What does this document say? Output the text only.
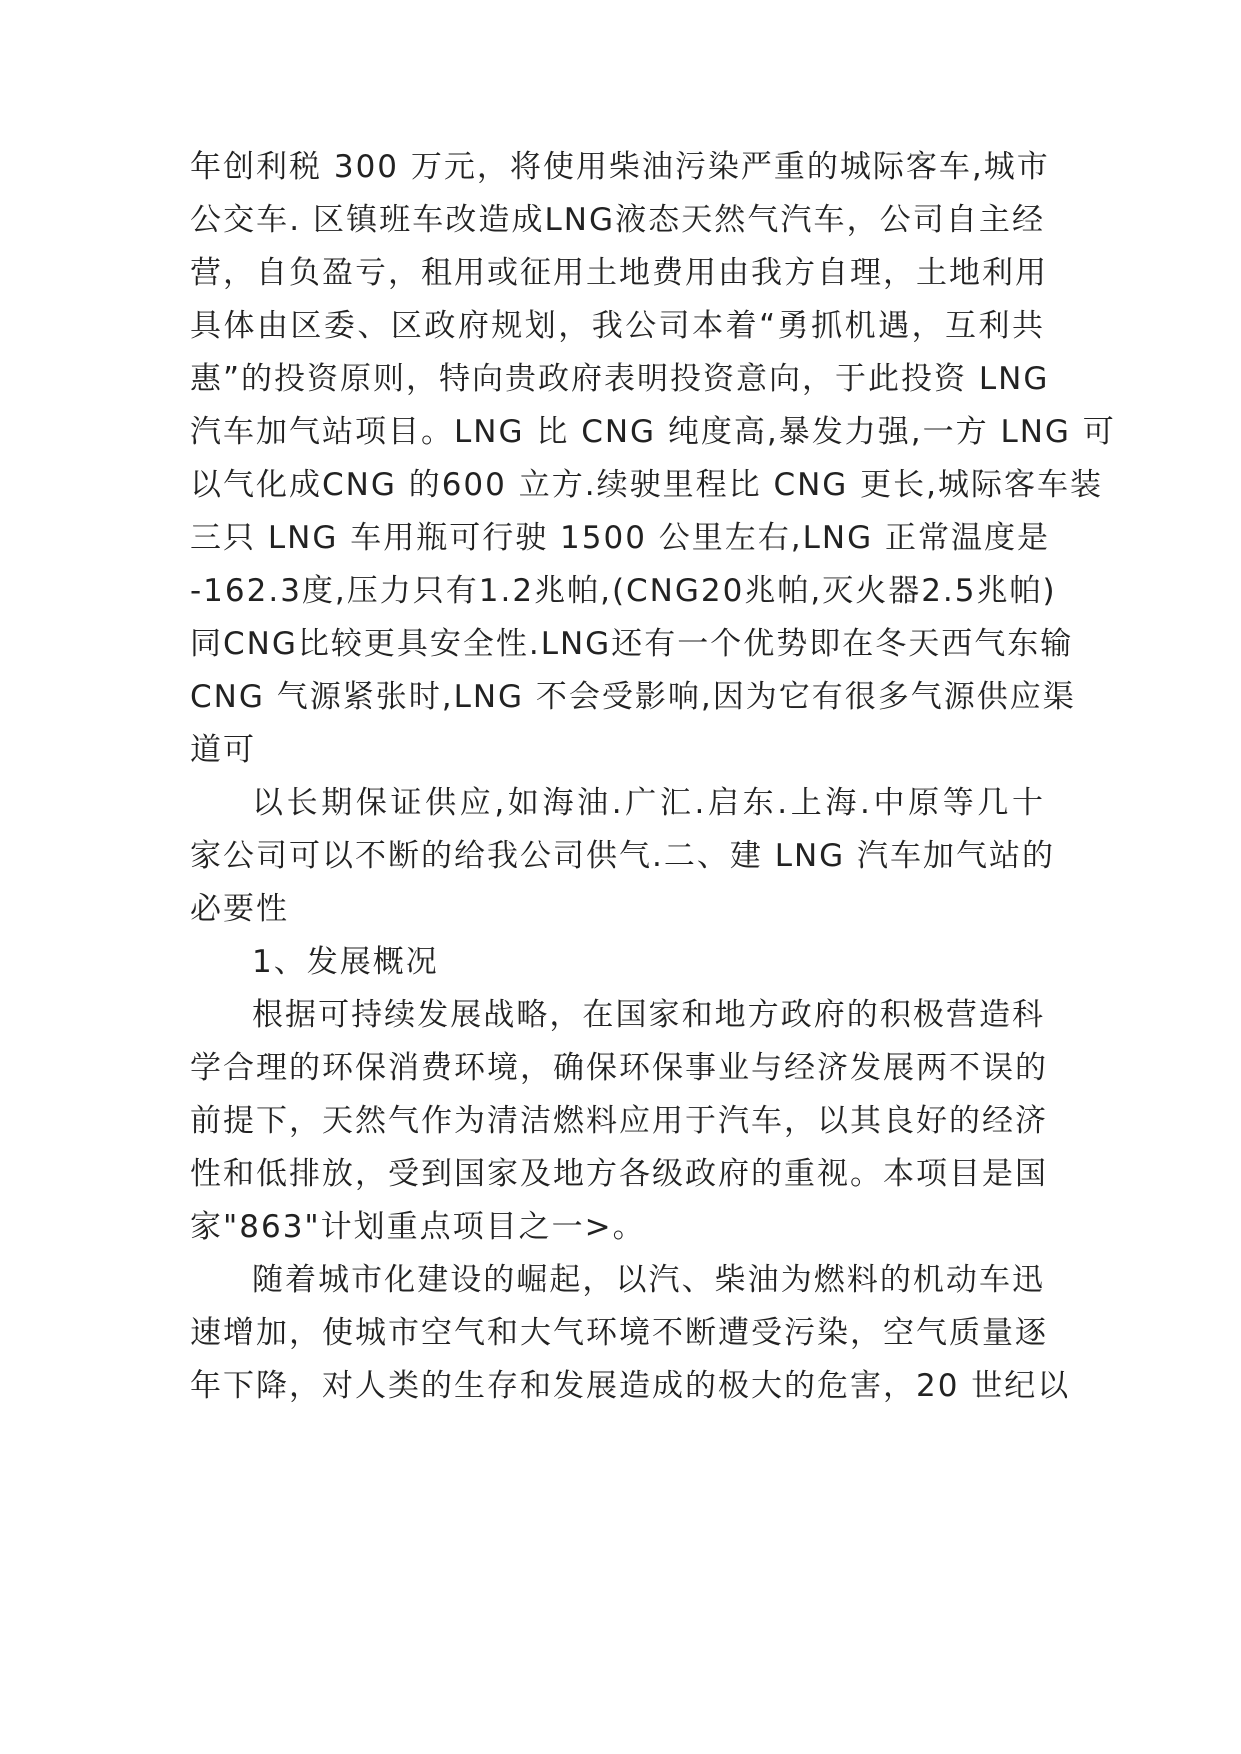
年创利税 300 万元，将使用柴油污染严重的城际客车,城市
公交车. 区镇班车改造成LNG液态天然气汽车，公司自主经
营，自负盈亏，租用或征用土地费用由我方自理，土地利用
具体由区委、区政府规划，我公司本着“勇抓机遇，互利共
惠”的投资原则，特向贵政府表明投资意向，于此投资 LNG
汽车加气站项目。LNG 比 CNG 纯度高,暴发力强,一方 LNG 可
以气化成CNG 的600 立方.续驶里程比 CNG 更长,城际客车装
三只 LNG 车用瓶可行驶 1500 公里左右,LNG 正常温度是
-162.3度,压力只有1.2兆帕,(CNG20兆帕,灭火器2.5兆帕)
同CNG比较更具安全性.LNG还有一个优势即在冬天西气东输
CNG 气源紧张时,LNG 不会受影响,因为它有很多气源供应渠
道可
以长期保证供应,如海油.广汇.启东.上海.中原等几十
家公司可以不断的给我公司供气.二、建 LNG 汽车加气站的
必要性
1、发展概况
根据可持续发展战略，在国家和地方政府的积极营造科
学合理的环保消费环境，确保环保事业与经济发展两不误的
前提下，天然气作为清洁燃料应用于汽车，以其良好的经济
性和低排放，受到国家及地方各级政府的重视。本项目是国
家"863"计划重点项目之一>。
随着城市化建设的崛起，以汽、柴油为燃料的机动车迅
速增加，使城市空气和大气环境不断遭受污染，空气质量逐
年下降，对人类的生存和发展造成的极大的危害，20 世纪以
